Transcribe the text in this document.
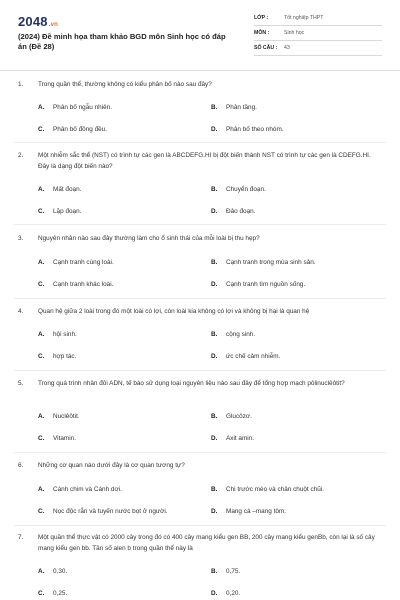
2048.vn
(2024) Đề minh họa tham khảo BGD môn Sinh học có đáp án (Đề 28)
LỚP :	Tốt nghiệp THPT
MÔN :	Sinh học
SỐ CÂU : 43
1.	Trong quần thể, thường không có kiểu phân bố nào sau đây?
A. Phân bố ngẫu nhiên.	B. Phân tầng.
C. Phân bố đồng đều.	D. Phân bố theo nhóm.
2.	Một nhiễm sắc thể (NST) có trình tự các gen là ABCDEFG.HI bị đột biến thành NST có trình tự các gen là CDEFG.HI. Đây là dạng đột biến nào?
A. Mất đoạn.	B. Chuyển đoạn.
C. Lặp đoạn.	D. Đảo đoạn.
3.	Nguyên nhân nào sau đây thường làm cho ổ sinh thái của mỗi loài bị thu hẹp?
A. Cạnh tranh cùng loài.	B. Cạnh tranh trong mùa sinh sản.
C. Cạnh tranh khác loài.	D. Cạnh tranh tìm nguồn sống.
4.	Quan hệ giữa 2 loài trong đó một loài có lợi, còn loài kia không có lợi và không bị hại là quan hệ
A. hội sinh.	B. cộng sinh.
C. hợp tác.	D. ức chế cảm nhiễm.
5.	Trong quá trình nhân đôi ADN, tế bào sử dụng loại nguyên liệu nào sau đây để tổng hợp mạch pôlinuclêôtit?
A. Nuclêôtit.	B. Glucôzơ.
C. Vitamin.	D. Axit amin.
6.	Những cơ quan nào dưới đây là cơ quan tương tự?
A. Cánh chim và Cánh dơi.	B. Chi trước mèo và chân chuột chũi.
C. Nọc độc rắn và tuyến nước bọt ở người.	D. Mang cá –mang tôm.
7.	Một quần thể thực vật có 2000 cây trong đó có 400 cây mang kiểu gen BB, 200 cây mang kiểu genBb, còn lại là số cây mang kiểu gen bb. Tần số alen b trong quần thể này là
A. 0,30.	B. 0,75.
C. 0,25.	D. 0,20.
